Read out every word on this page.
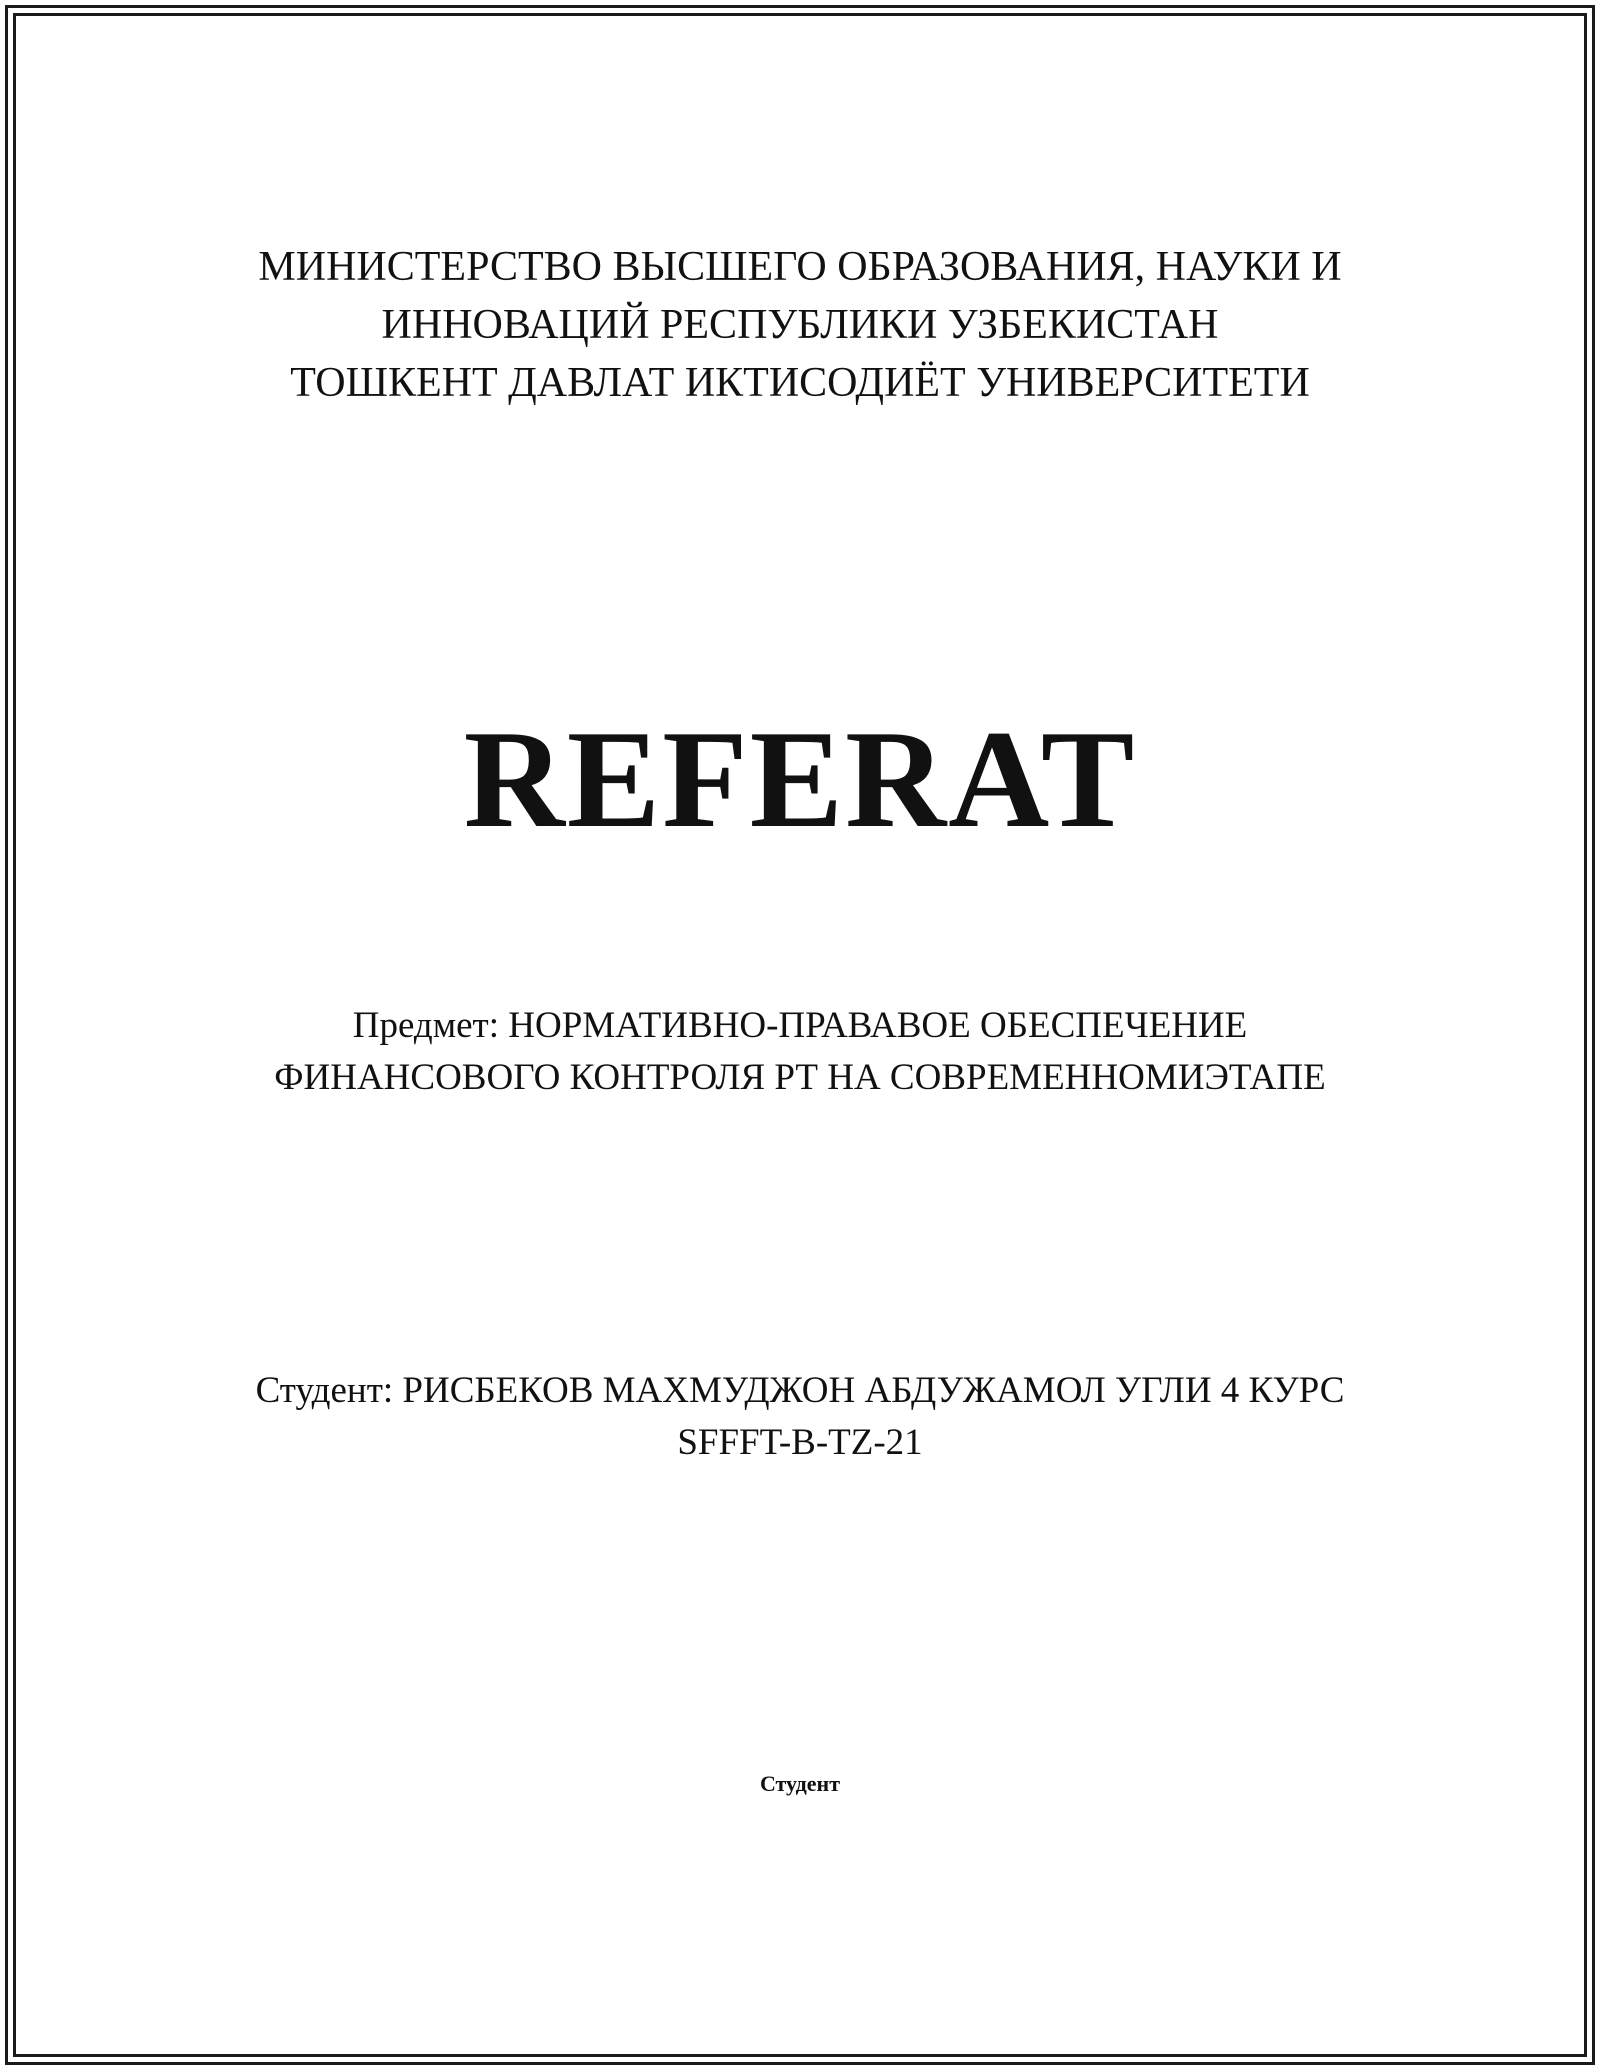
МИНИСТЕРСТВО ВЫСШЕГО ОБРАЗОВАНИЯ, НАУКИ И
ИННОВАЦИЙ РЕСПУБЛИКИ УЗБЕКИСТАН
ТОШКЕНТ ДАВЛАТ ИКТИСОДИЁТ УНИВЕРСИТЕТИ
REFERAT
Предмет: НОРМАТИВНО-ПРАВАВОЕ ОБЕСПЕЧЕНИЕ
ФИНАНСОВОГО КОНТРОЛЯ РТ НА СОВРЕМЕННОМИЭТАПЕ
Студент: РИСБЕКОВ МАХМУДЖОН АБДУЖАМОЛ УГЛИ 4 КУРС
SFFFT-B-TZ-21
Студент
